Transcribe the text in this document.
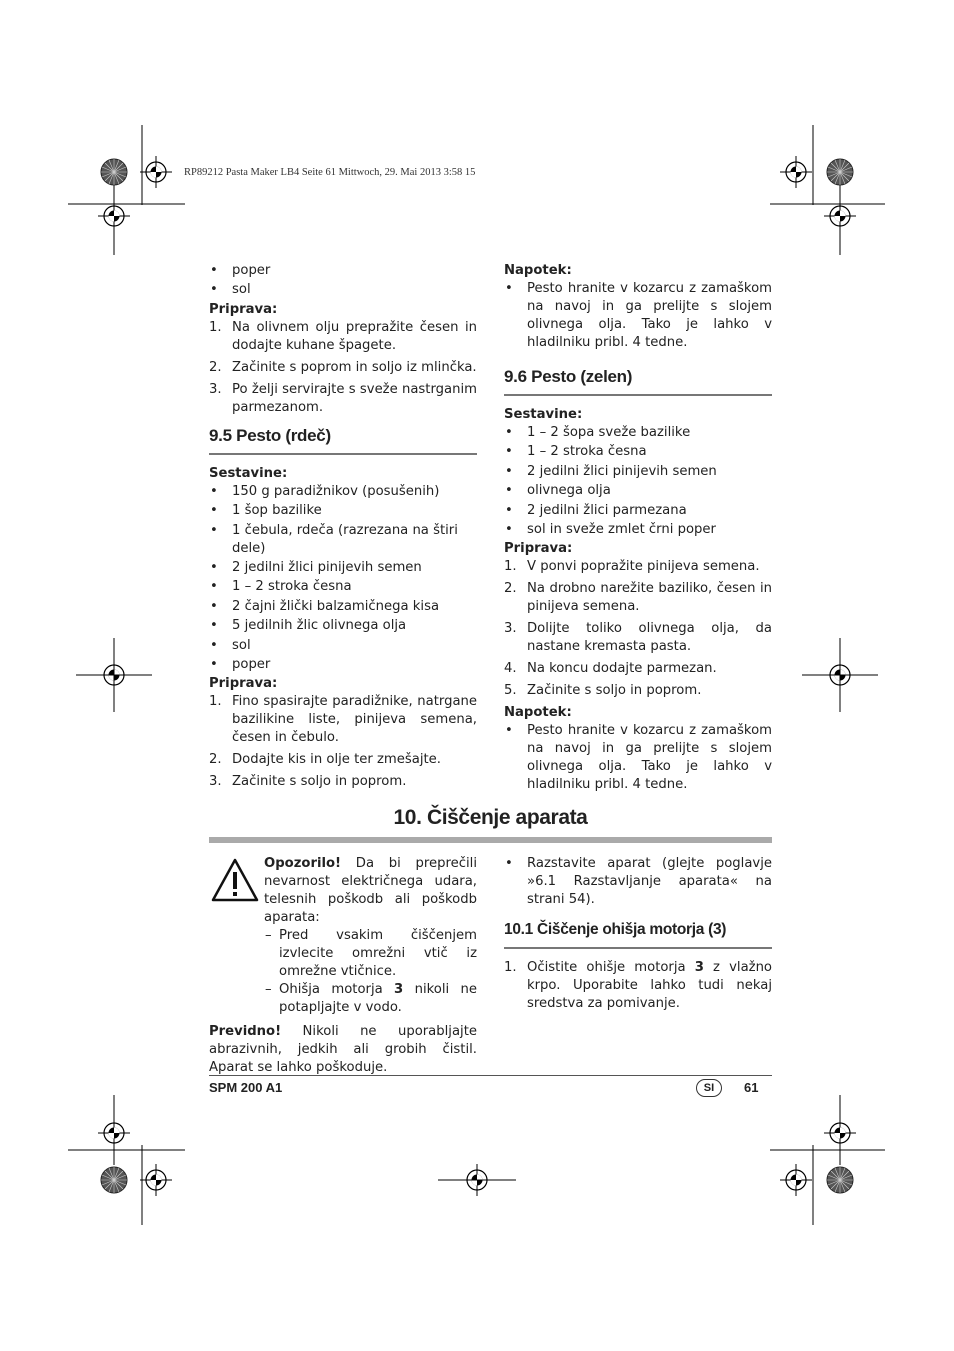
RP89212 Pasta Maker LB4 Seite 61 Mittwoch, 29. Mai 2013 3:58 15
• poper
• sol

Priprava:

1. Na olivnem olju prepražite česen in dodajte kuhane špagete.
2. Začinite s poprom in soljo iz mlinčka.
3. Po želji servirajte s sveže nastrganim parmezanom.
9.5 Pesto (rdeč)

Sestavine:

• 150 g paradižnikov (posušenih)
• 1 šop bazilike
• 1 čebula, rdeča (razrezana na štiri dele)
• 2 jedilni žlici pinijevih semen
• 1 – 2 stroka česna
• 2 čajni žlički balzamičnega kisa
• 5 jedilnih žlic olivnega olja
• sol
• poper

Priprava:

1. Fino spasirajte paradižnike, natrgane bazilikine liste, pinijeva semena, česen in čebulo.
2. Dodajte kis in olje ter zmešajte.
3. Začinite s soljo in poprom.

Napotek:

• Pesto hranite v kozarcu z zamaškom na navoj in ga prelijte s slojem olivnega olja. Tako je lahko v hladilniku pribl. 4 tedne.
9.6 Pesto (zelen)

Sestavine:

• 1 – 2 šopa sveže bazilike
• 1 – 2 stroka česna
• 2 jedilni žlici pinijevih semen
• olivnega olja
• 2 jedilni žlici parmezana
• sol in sveže zmlet črni poper

Priprava:

1. V ponvi popražite pinijeva semena.
2. Na drobno narežite baziliko, česen in pinijeva semena.
3. Dolijte toliko olivnega olja, da nastane kremasta pasta.
4. Na koncu dodajte parmezan.
5. Začinite s soljo in poprom.

Napotek:

• Pesto hranite v kozarcu z zamaškom na navoj in ga prelijte s slojem olivnega olja. Tako je lahko v hladilniku pribl. 4 tedne.
10. Čiščenje aparata

Opozorilo! Da bi preprečili nevarnost električnega udara, telesnih poškodb ali poškodb aparata:

– Pred vsakim čiščenjem izvlecite omrežni vtič iz omrežne vtičnice.
– Ohišja motorja 3 nikoli ne potapljajte v vodo.

Previdno! Nikoli ne uporabljajte abrazivnih, jedkih ali grobih čistil. Aparat se lahko poškoduje.

• Razstavite aparat (glejte poglavje »6.1 Razstavljanje aparata« na strani 54).
10.1 Čiščenje ohišja motorja (3)
1. Očistite ohišje motorja 3 z vlažno krpo. Uporabite lahko tudi nekaj sredstva za pomivanje.
SPM 200 A1	SI	61
